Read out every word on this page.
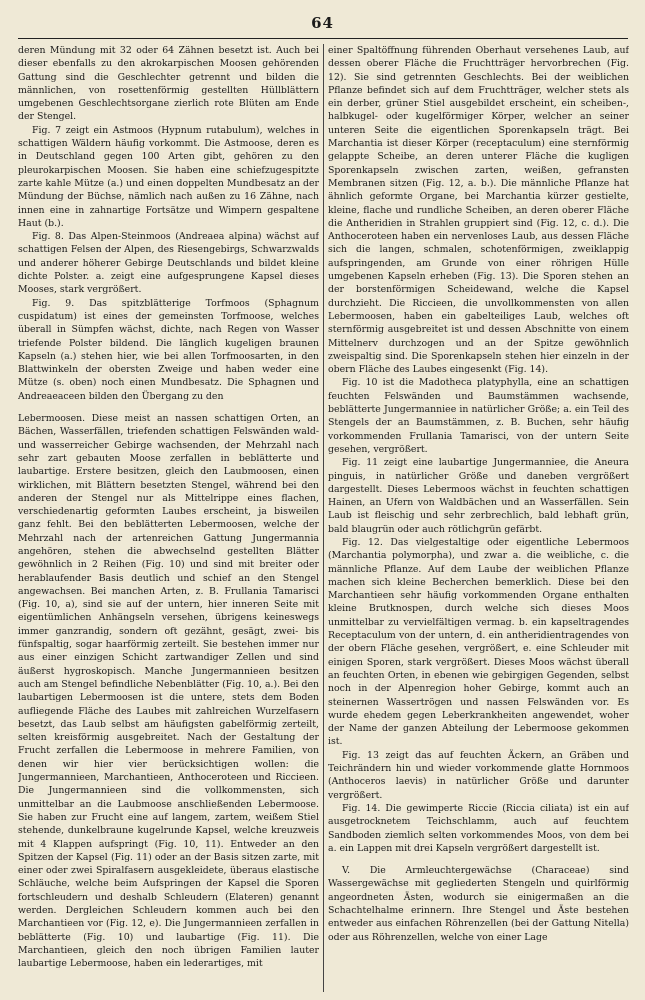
64

deren Mündung mit 32 oder 64 Zähnen besetzt ist. Auch bei dieser ebenfalls zu den akrokarpischen Moosen gehörenden Gattung sind die Geschlechter getrennt und bilden die männlichen, von rosettenförmig gestellten Hüllblättern umgebenen Geschlechtsorgane zierlich rote Blüten am Ende der Stengel.

Fig. 7 zeigt ein Astmoos (Hypnum rutabulum), welches in schattigen Wäldern häufig vorkommt. Die Astmoose, deren es in Deutschland gegen 100 Arten gibt, gehören zu den pleurokarpischen Moosen. Sie haben eine schiefzugespitzte zarte kahle Mütze (a.) und einen doppelten Mundbesatz an der Mündung der Büchse, nämlich nach außen zu 16 Zähne, nach innen eine in zahnartige Fortsätze und Wimpern gespaltene Haut (b.).

Fig. 8. Das Alpen-Steinmoos (Andreaea alpina) wächst auf schattigen Felsen der Alpen, des Riesengebirgs, Schwarzwalds und anderer höherer Gebirge Deutschlands und bildet kleine dichte Polster. a. zeigt eine aufgesprungene Kapsel dieses Mooses, stark vergrößert.

Fig. 9. Das spitzblätterige Torfmoos (Sphagnum cuspidatum) ist eines der gemeinsten Torfmoose, welches überall in Sümpfen wächst, dichte, nach Regen von Wasser triefende Polster bildend. Die länglich kugeligen braunen Kapseln (a.) stehen hier, wie bei allen Torfmoosarten, in den Blattwinkeln der obersten Zweige und haben weder eine Mütze (s. oben) noch einen Mundbesatz. Die Sphagnen und Andreaeaceen bilden den Übergang zu den

Lebermoosen. Diese meist an nassen schattigen Orten, an Bächen, Wasserfällen, triefenden schattigen Felswänden wald- und wasserreicher Gebirge wachsenden, der Mehrzahl nach sehr zart gebauten Moose zerfallen in beblätterte und laubartige. Erstere besitzen, gleich den Laubmoosen, einen wirklichen, mit Blättern besetzten Stengel, während bei den anderen der Stengel nur als Mittelrippe eines flachen, verschiedenartig geformten Laubes erscheint, ja bisweilen ganz fehlt. Bei den beblätterten Lebermoosen, welche der Mehrzahl nach der artenreichen Gattung Jungermannia angehören, stehen die abwechselnd gestellten Blätter gewöhnlich in 2 Reihen (Fig. 10) und sind mit breiter oder herablaufender Basis deutlich und schief an den Stengel angewachsen. Bei manchen Arten, z. B. Frullania Tamarisci (Fig. 10, a), sind sie auf der untern, hier inneren Seite mit eigentümlichen Anhängseln versehen, übrigens keineswegs immer ganzrandig, sondern oft gezähnt, gesägt, zwei- bis fünfspaltig, sogar haarförmig zerteilt. Sie bestehen immer nur aus einer einzigen Schicht zartwandiger Zellen und sind äußerst hygroskopisch. Manche Jungermannieen besitzen auch am Stengel befindliche Nebenblätter (Fig. 10, a.). Bei den laubartigen Lebermoosen ist die untere, stets dem Boden aufliegende Fläche des Laubes mit zahlreichen Wurzelfasern besetzt, das Laub selbst am häufigsten gabelförmig zerteilt, selten kreisförmig ausgebreitet. Nach der Gestaltung der Frucht zerfallen die Lebermoose in mehrere Familien, von denen wir hier vier berücksichtigen wollen: die Jungermannieen, Marchantieen, Anthoceroteen und Riccieen. Die Jungermannieen sind die vollkommensten, sich unmittelbar an die Laubmoose anschließenden Lebermoose. Sie haben zur Frucht eine auf langem, zartem, weißem Stiel stehende, dunkelbraune kugelrunde Kapsel, welche kreuzweis mit 4 Klappen aufspringt (Fig. 10, 11). Entweder an den Spitzen der Kapsel (Fig. 11) oder an der Basis sitzen zarte, mit einer oder zwei Spiralfasern ausgekleidete, überaus elastische Schläuche, welche beim Aufspringen der Kapsel die Sporen fortschleudern und deshalb Schleudern (Elateren) genannt werden. Dergleichen Schleudern kommen auch bei den Marchantieen vor (Fig. 12, e). Die Jungermannieen zerfallen in beblätterte (Fig. 10) und laubartige (Fig. 11). Die Marchantieen, gleich den noch übrigen Familien lauter laubartige Lebermoose, haben ein lederartiges, mit

einer Spaltöffnung führenden Oberhaut versehenes Laub, auf dessen oberer Fläche die Fruchtträger hervorbrechen (Fig. 12). Sie sind getrennten Geschlechts. Bei der weiblichen Pflanze befindet sich auf dem Fruchtträger, welcher stets als ein derber, grüner Stiel ausgebildet erscheint, ein scheiben-, halbkugel- oder kugelförmiger Körper, welcher an seiner unteren Seite die eigentlichen Sporenkapseln trägt. Bei Marchantia ist dieser Körper (receptaculum) eine sternförmig gelappte Scheibe, an deren unterer Fläche die kugligen Sporenkapseln zwischen zarten, weißen, gefransten Membranen sitzen (Fig. 12, a. b.). Die männliche Pflanze hat ähnlich geformte Organe, bei Marchantia kürzer gestielte, kleine, flache und rundliche Scheiben, an deren oberer Fläche die Antheridien in Strahlen gruppiert sind (Fig. 12, c. d.). Die Anthoceroteen haben ein nervenloses Laub, aus dessen Fläche sich die langen, schmalen, schotenförmigen, zweiklappig aufspringenden, am Grunde von einer röhrigen Hülle umgebenen Kapseln erheben (Fig. 13). Die Sporen stehen an der borstenförmigen Scheidewand, welche die Kapsel durchzieht. Die Riccieen, die unvollkommensten von allen Lebermoosen, haben ein gabelteiliges Laub, welches oft sternförmig ausgebreitet ist und dessen Abschnitte von einem Mittelnerv durchzogen und an der Spitze gewöhnlich zweispaltig sind. Die Sporenkapseln stehen hier einzeln in der obern Fläche des Laubes eingesenkt (Fig. 14).

Fig. 10 ist die Madotheca platyphylla, eine an schattigen feuchten Felswänden und Baumstämmen wachsende, beblätterte Jungermanniee in natürlicher Größe; a. ein Teil des Stengels der an Baumstämmen, z. B. Buchen, sehr häufig vorkommenden Frullania Tamarisci, von der untern Seite gesehen, vergrößert.

Fig. 11 zeigt eine laubartige Jungermanniee, die Aneura pinguis, in natürlicher Größe und daneben vergrößert dargestellt. Dieses Lebermoos wächst in feuchten schattigen Hainen, an Ufern von Waldbächen und an Wasserfällen. Sein Laub ist fleischig und sehr zerbrechlich, bald lebhaft grün, bald blaugrün oder auch rötlichgrün gefärbt.

Fig. 12. Das vielgestaltige oder eigentliche Lebermoos (Marchantia polymorpha), und zwar a. die weibliche, c. die männliche Pflanze. Auf dem Laube der weiblichen Pflanze machen sich kleine Becherchen bemerklich. Diese bei den Marchantieen sehr häufig vorkommenden Organe enthalten kleine Brutknospen, durch welche sich dieses Moos unmittelbar zu vervielfältigen vermag. b. ein kapseltragendes Receptaculum von der untern, d. ein antheridientragendes von der obern Fläche gesehen, vergrößert, e. eine Schleuder mit einigen Sporen, stark vergrößert. Dieses Moos wächst überall an feuchten Orten, in ebenen wie gebirgigen Gegenden, selbst noch in der Alpenregion hoher Gebirge, kommt auch an steinernen Wassertrögen und nassen Felswänden vor. Es wurde ehedem gegen Leberkrankheiten angewendet, woher der Name der ganzen Abteilung der Lebermoose gekommen ist.

Fig. 13 zeigt das auf feuchten Äckern, an Gräben und Teichrändern hin und wieder vorkommende glatte Hornmoos (Anthoceros laevis) in natürlicher Größe und darunter vergrößert.

Fig. 14. Die gewimperte Riccie (Riccia ciliata) ist ein auf ausgetrocknetem Teichschlamm, auch auf feuchtem Sandboden ziemlich selten vorkommendes Moos, von dem bei a. ein Lappen mit drei Kapseln vergrößert dargestellt ist.

V. Die Armleuchtergewächse (Characeae) sind Wassergewächse mit gegliederten Stengeln und quirlförmig angeordneten Ästen, wodurch sie einigermaßen an die Schachtelhalme erinnern. Ihre Stengel und Äste bestehen entweder aus einfachen Röhrenzellen (bei der Gattung Nitella) oder aus Röhrenzellen, welche von einer Lage
